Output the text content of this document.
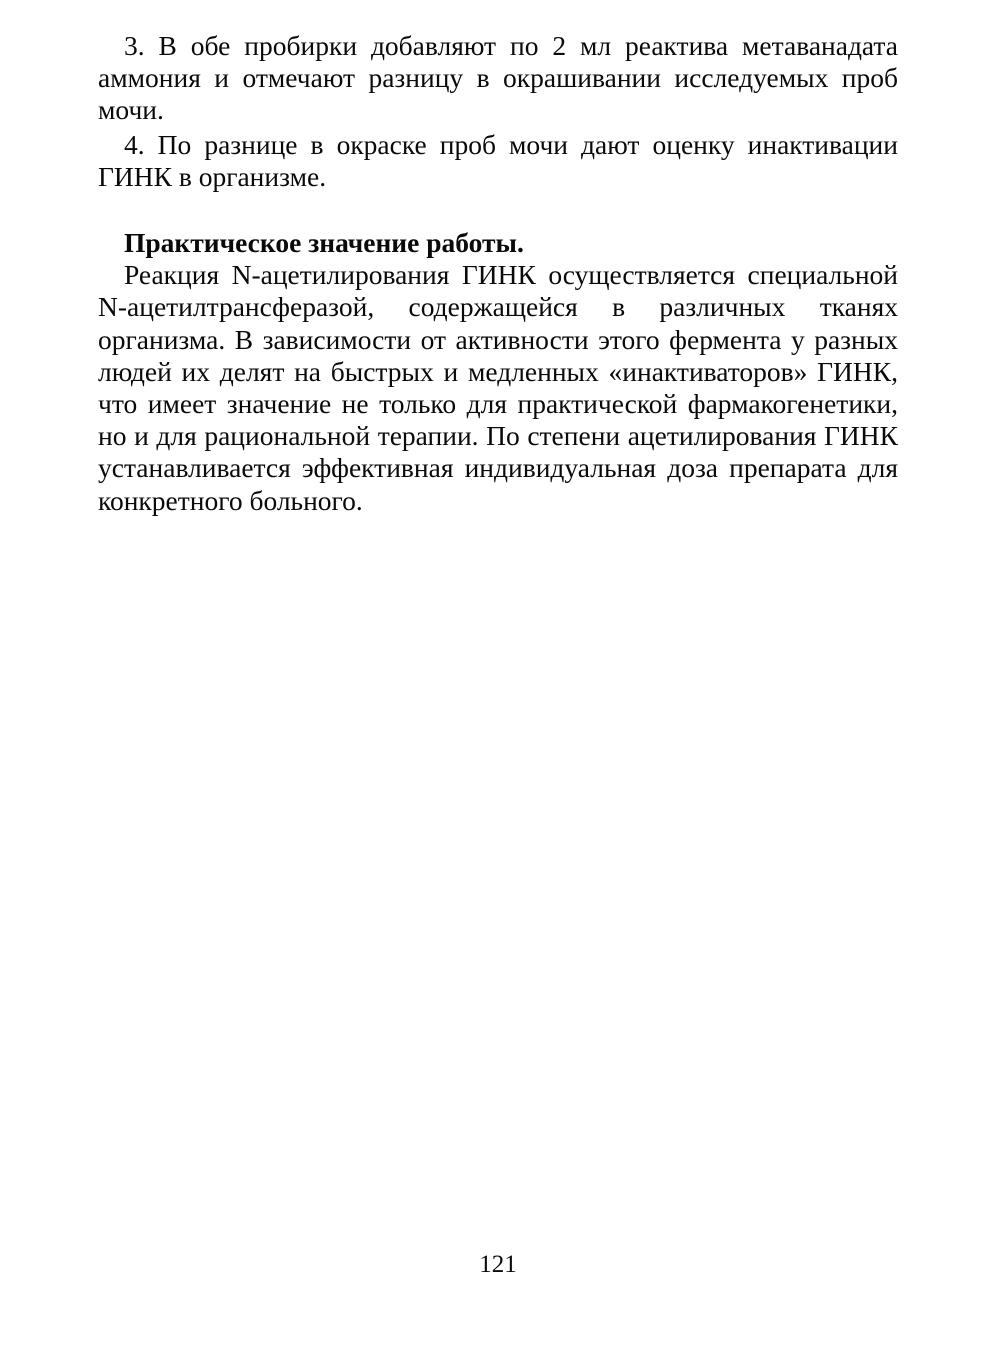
3. В обе пробирки добавляют по 2 мл реактива метаванадата аммония и отмечают разницу в окрашивании исследуемых проб мочи.

4. По разнице в окраске проб мочи дают оценку инактивации ГИНК в организме.

Практическое значение работы.

Реакция N-ацетилирования ГИНК осуществляется специальной N-ацетилтрансферазой, содержащейся в различных тканях организма. В зависимости от активности этого фермента у разных людей их делят на быстрых и медленных «инактиваторов» ГИНК, что имеет значение не только для практической фармакогенетики, но и для рациональной терапии. По степени ацетилирования ГИНК устанавливается эффективная индивидуальная доза препарата для конкретного больного.

121
